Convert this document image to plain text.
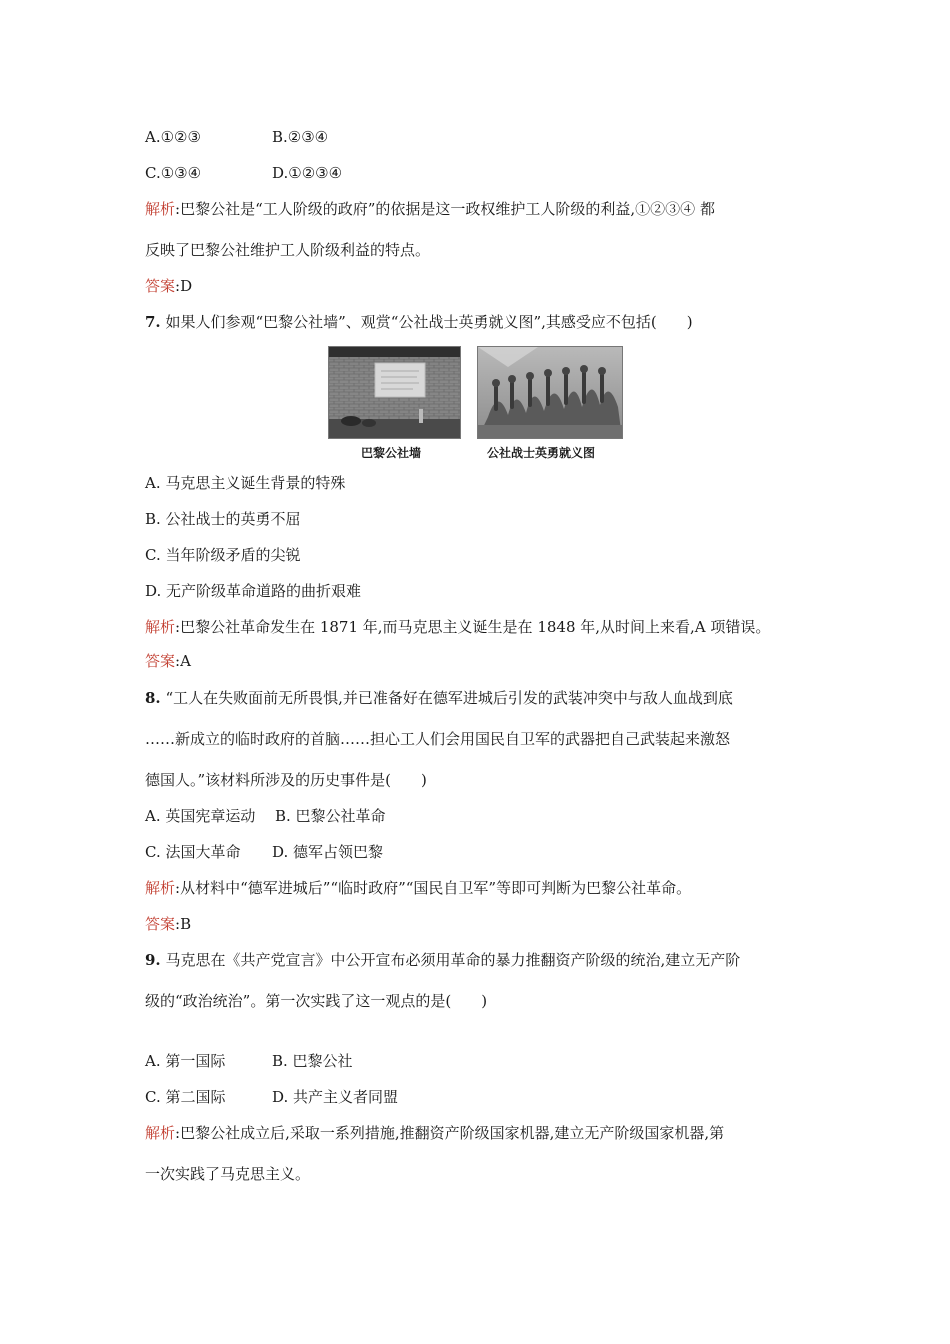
A.①②③	B.②③④
C.①③④	D.①②③④
解析:巴黎公社是“工人阶级的政府”的依据是这一政权维护工人阶级的利益,①②③④ 都
反映了巴黎公社维护工人阶级利益的特点。
答案:D
7. 如果人们参观“巴黎公社墙”、观赏“公社战士英勇就义图”,其感受应不包括(　　)
巴黎公社墙	公社战士英勇就义图
A. 马克思主义诞生背景的特殊
B. 公社战士的英勇不屈
C. 当年阶级矛盾的尖锐
D. 无产阶级革命道路的曲折艰难
解析:巴黎公社革命发生在 1871 年,而马克思主义诞生是在 1848 年,从时间上来看,A 项错误。
答案:A
8. “工人在失败面前无所畏惧,并已准备好在德军进城后引发的武装冲突中与敌人血战到底
……新成立的临时政府的首脑……担心工人们会用国民自卫军的武器把自己武装起来激怒
德国人。”该材料所涉及的历史事件是(　　)
A. 英国宪章运动 B. 巴黎公社革命
C. 法国大革命 D. 德军占领巴黎
解析:从材料中“德军进城后”“临时政府”“国民自卫军”等即可判断为巴黎公社革命。
答案:B
9. 马克思在《共产党宣言》中公开宣布必须用革命的暴力推翻资产阶级的统治,建立无产阶
级的“政治统治”。第一次实践了这一观点的是(　　)
A. 第一国际	B. 巴黎公社
C. 第二国际	D. 共产主义者同盟
解析:巴黎公社成立后,采取一系列措施,推翻资产阶级国家机器,建立无产阶级国家机器,第
一次实践了马克思主义。
